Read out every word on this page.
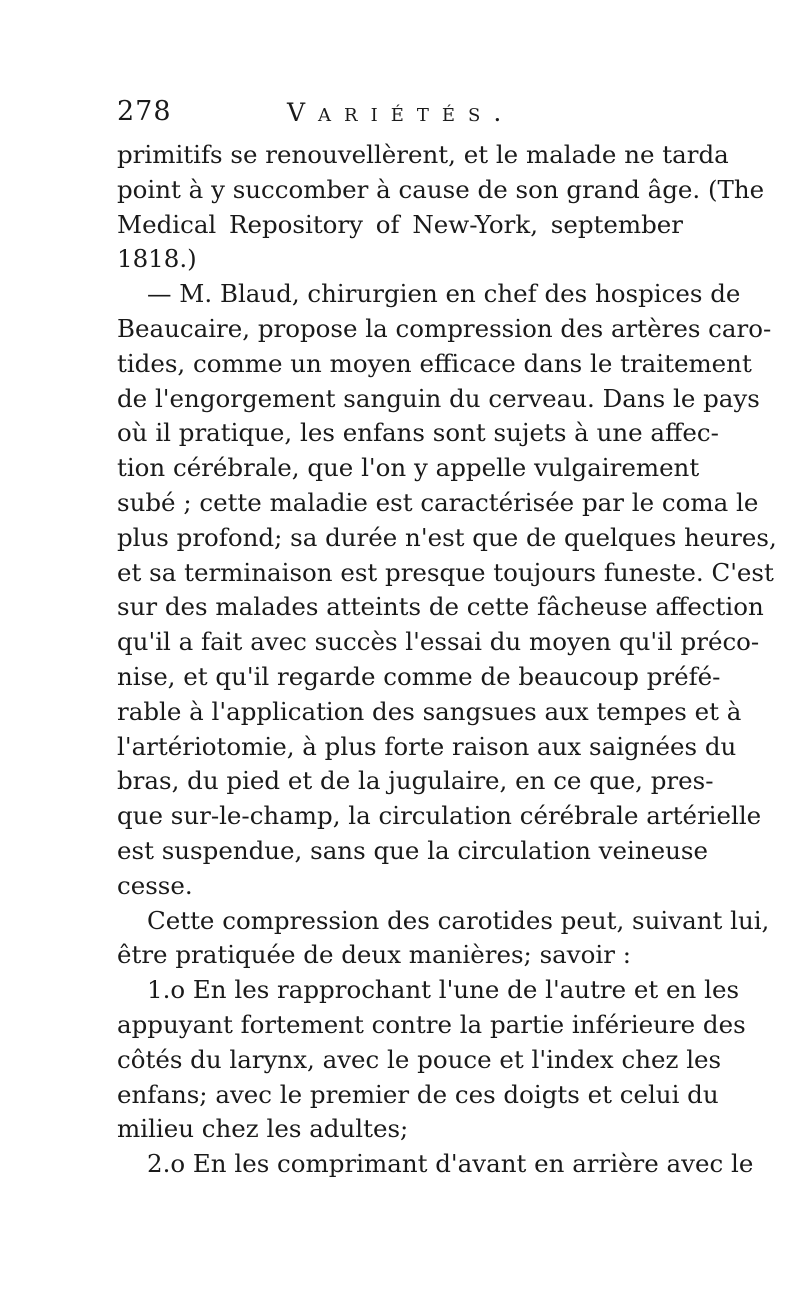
278	Variétés.
primitifs se renouvellèrent, et le malade ne tarda
point à y succomber à cause de son grand âge. (The
Medical Repository of New-York, september
1818.)
— M. Blaud, chirurgien en chef des hospices de
Beaucaire, propose la compression des artères caro-
tides, comme un moyen efficace dans le traitement
de l'engorgement sanguin du cerveau. Dans le pays
où il pratique, les enfans sont sujets à une affec-
tion cérébrale, que l'on y appelle vulgairement
subé ; cette maladie est caractérisée par le coma le
plus profond; sa durée n'est que de quelques heures,
et sa terminaison est presque toujours funeste. C'est
sur des malades atteints de cette fâcheuse affection
qu'il a fait avec succès l'essai du moyen qu'il préco-
nise, et qu'il regarde comme de beaucoup préfé-
rable à l'application des sangsues aux tempes et à
l'artériotomie, à plus forte raison aux saignées du
bras, du pied et de la jugulaire, en ce que, pres-
que sur-le-champ, la circulation cérébrale artérielle
est suspendue, sans que la circulation veineuse
cesse.
Cette compression des carotides peut, suivant lui,
être pratiquée de deux manières; savoir :
1.o En les rapprochant l'une de l'autre et en les
appuyant fortement contre la partie inférieure des
côtés du larynx, avec le pouce et l'index chez les
enfans; avec le premier de ces doigts et celui du
milieu chez les adultes;
2.o En les comprimant d'avant en arrière avec le
